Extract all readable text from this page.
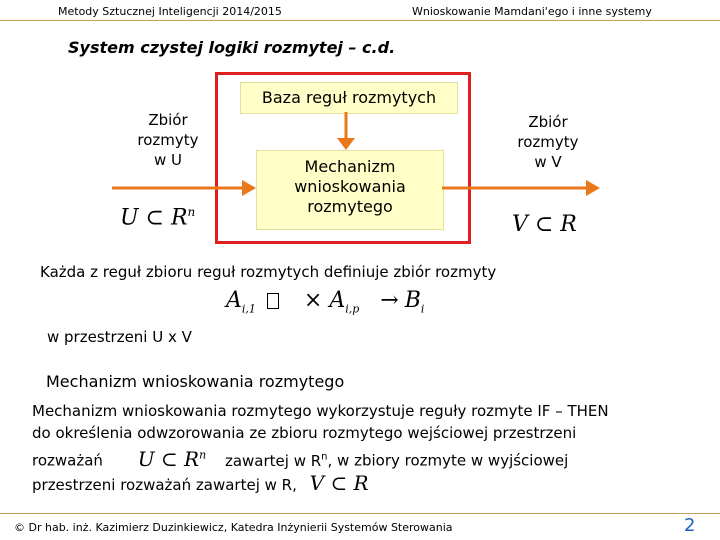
Metody Sztucznej Inteligencji 2014/2015	Wnioskowanie Mamdani'ego i inne systemy
System czystej logiki rozmytej – c.d.
Baza reguł rozmytych
Mechanizm
wnioskowania
rozmytego
Zbiór
rozmyty
w U
U ⊂ $R^n$
Zbiór
rozmyty
w V
V ⊂ R
Każda z reguł zbioru reguł rozmytych definiuje zbiór rozmyty
$A_{i,1} \times A_{i,p} \to B_i$
w przestrzeni U x V
Mechanizm wnioskowania rozmytego
Mechanizm wnioskowania rozmytego wykorzystuje reguły rozmyte IF – THEN
do określenia odwzorowania ze zbioru rozmytego wejściowej przestrzeni
rozważań U ⊂ $R^n$ zawartej w $R^n$, w zbiory rozmyte w wyjściowej
przestrzeni rozważań zawartej w R, V ⊂ R
© Dr hab. inż. Kazimierz Duzinkiewicz, Katedra Inżynierii Systemów Sterowania	2
